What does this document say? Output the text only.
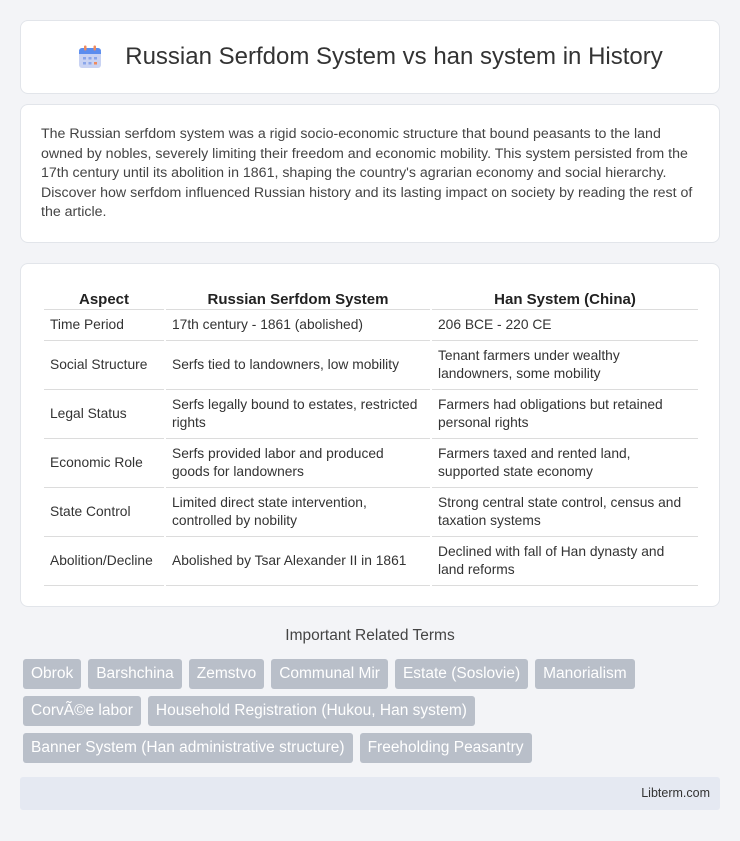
Russian Serfdom System vs han system in History

The Russian serfdom system was a rigid socio-economic structure that bound peasants to the land owned by nobles, severely limiting their freedom and economic mobility. This system persisted from the 17th century until its abolition in 1861, shaping the country's agrarian economy and social hierarchy. Discover how serfdom influenced Russian history and its lasting impact on society by reading the rest of the article.

Aspect	Russian Serfdom System	Han System (China)
Time Period	17th century - 1861 (abolished)	206 BCE - 220 CE
Social Structure	Serfs tied to landowners, low mobility	Tenant farmers under wealthy landowners, some mobility
Legal Status	Serfs legally bound to estates, restricted rights	Farmers had obligations but retained personal rights
Economic Role	Serfs provided labor and produced goods for landowners	Farmers taxed and rented land, supported state economy
State Control	Limited direct state intervention, controlled by nobility	Strong central state control, census and taxation systems
Abolition/Decline	Abolished by Tsar Alexander II in 1861	Declined with fall of Han dynasty and land reforms
Important Related Terms
Obrok	Barshchina	Zemstvo	Communal Mir	Estate (Soslovie)	Manorialism
CorvÃ©e labor	Household Registration (Hukou, Han system)
Banner System (Han administrative structure)	Freeholding Peasantry
Libterm.com
